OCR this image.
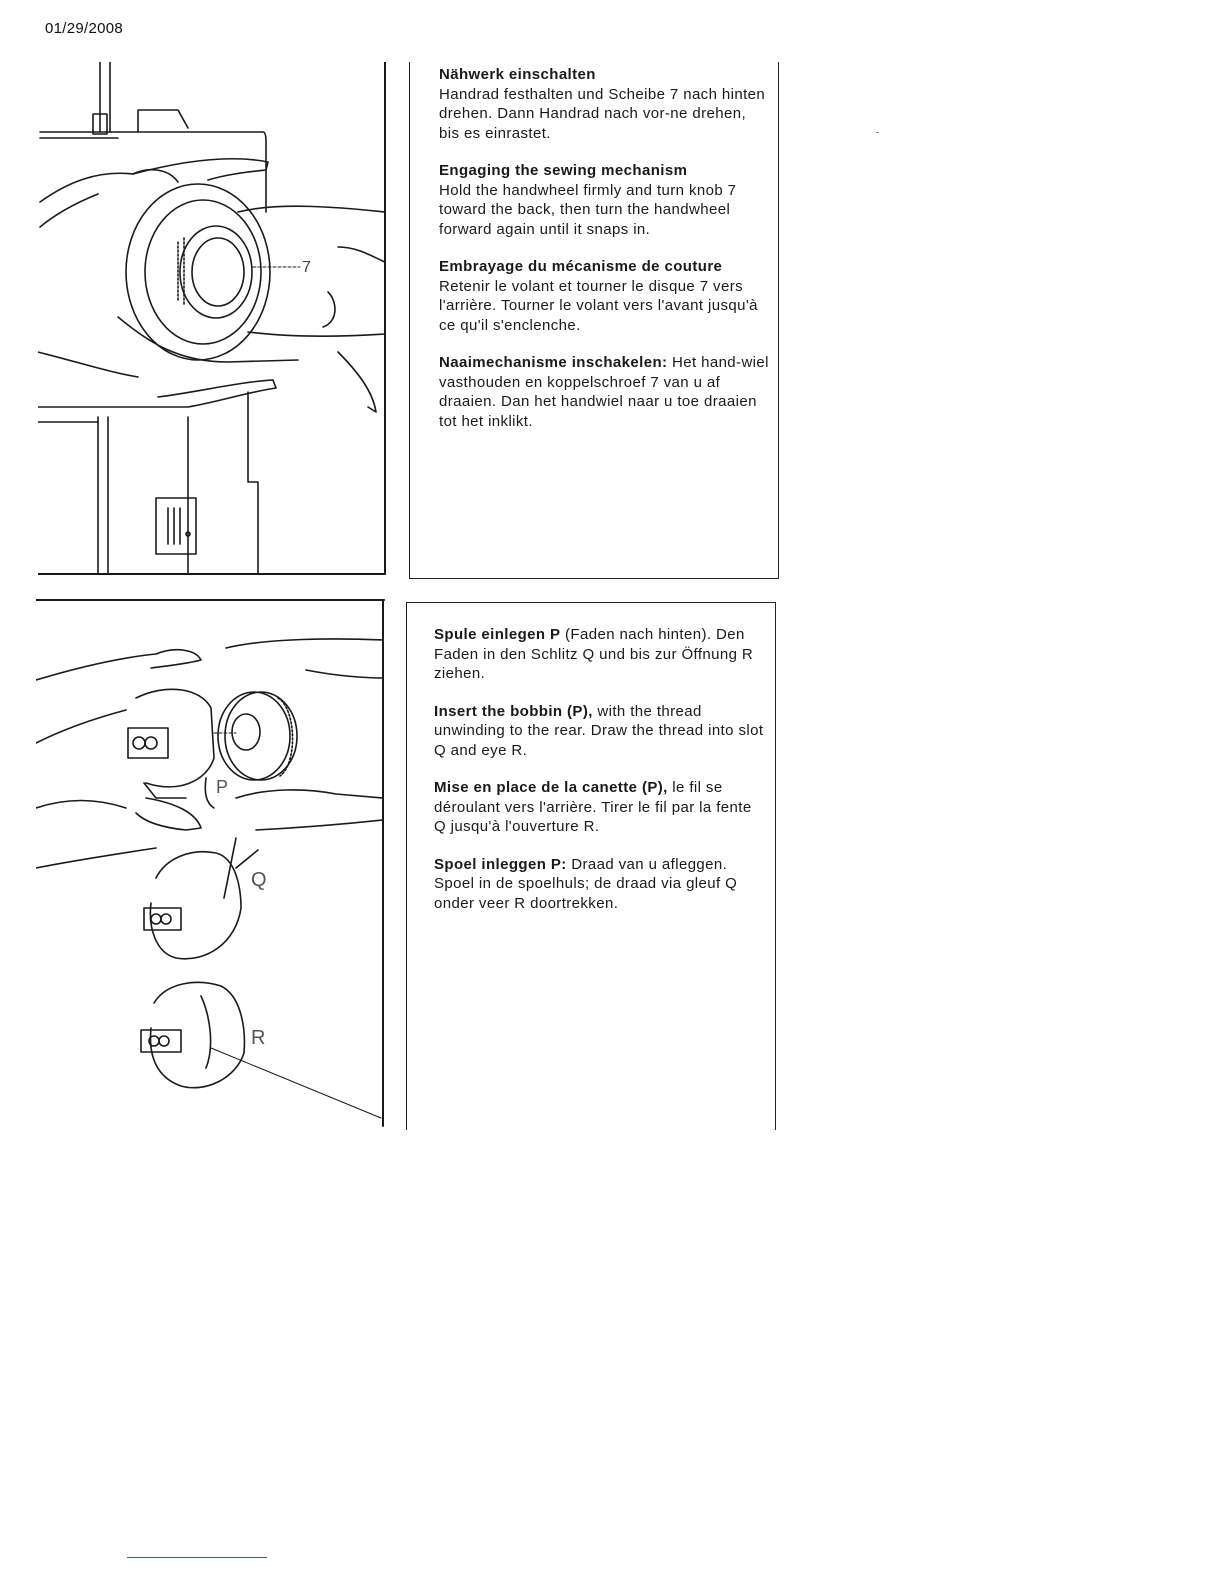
01/29/2008
7
Nähwerk einschalten
Handrad festhalten und Scheibe 7 nach hinten drehen. Dann Handrad nach vor-ne drehen, bis es einrastet.
Engaging the sewing mechanism
Hold the handwheel firmly and turn knob 7 toward the back, then turn the handwheel forward again until it snaps in.
Embrayage du mécanisme de couture
Retenir le volant et tourner le disque 7 vers l'arrière. Tourner le volant vers l'avant jusqu'à ce qu'il s'enclenche.
Naaimechanisme inschakelen: Het hand-wiel vasthouden en koppelschroef 7 van u af draaien. Dan het handwiel naar u toe draaien tot het inklikt.
P
Q
R
Spule einlegen P (Faden nach hinten). Den Faden in den Schlitz Q und bis zur Öffnung R ziehen.
Insert the bobbin (P), with the thread unwinding to the rear. Draw the thread into slot Q and eye R.
Mise en place de la canette (P), le fil se déroulant vers l'arrière. Tirer le fil par la fente Q jusqu'à l'ouverture R.
Spoel inleggen P: Draad van u afleggen. Spoel in de spoelhuls; de draad via gleuf Q onder veer R doortrekken.
